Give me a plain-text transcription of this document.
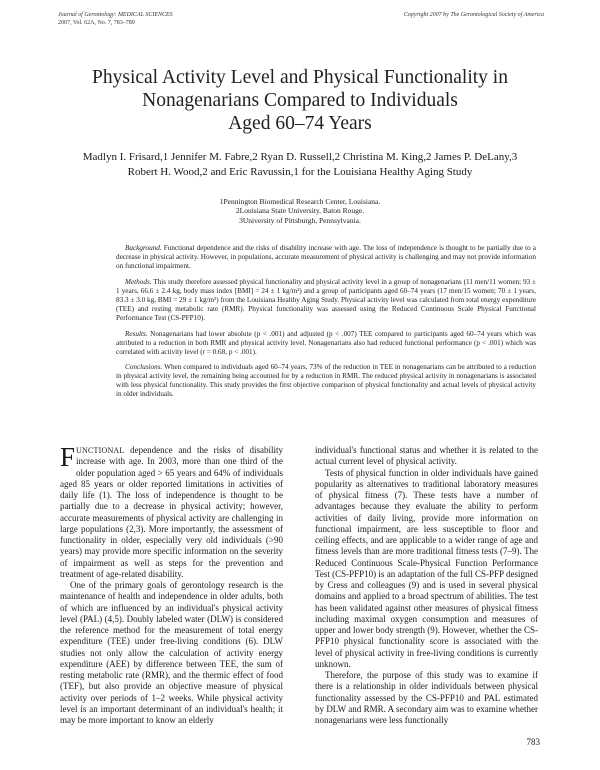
Journal of Gerontology: MEDICAL SCIENCES
2007, Vol. 62A, No. 7, 783–789
Copyright 2007 by The Gerontological Society of America
Physical Activity Level and Physical Functionality in
Nonagenarians Compared to Individuals
Aged 60–74 Years
Madlyn I. Frisard,1 Jennifer M. Fabre,2 Ryan D. Russell,2 Christina M. King,2 James P. DeLany,3
Robert H. Wood,2 and Eric Ravussin,1 for the Louisiana Healthy Aging Study
1Pennington Biomedical Research Center, Louisiana.
2Louisiana State University, Baton Rouge.
3University of Pittsburgh, Pennsylvania.

Background. Functional dependence and the risks of disability increase with age. The loss of independence is thought to be partially due to a decrease in physical activity. However, in populations, accurate measurement of physical activity is challenging and may not provide information on functional impairment.

Methods. This study therefore assessed physical functionality and physical activity level in a group of nonagenarians (11 men/11 women; 93 ± 1 years, 66.6 ± 2.4 kg, body mass index [BMI] = 24 ± 1 kg/m²) and a group of participants aged 60–74 years (17 men/15 women; 70 ± 1 years, 83.3 ± 3.0 kg, BMI = 29 ± 1 kg/m²) from the Louisiana Healthy Aging Study. Physical activity level was calculated from total energy expenditure (TEE) and resting metabolic rate (RMR). Physical functionality was assessed using the Reduced Continuous Scale Physical Functional Performance Test (CS-PFP10).

Results. Nonagenarians had lower absolute (p < .001) and adjusted (p < .007) TEE compared to participants aged 60–74 years which was attributed to a reduction in both RMR and physical activity level. Nonagenarians also had reduced functional performance (p < .001) which was correlated with activity level (r = 0.68, p < .001).

Conclusions. When compared to individuals aged 60–74 years, 73% of the reduction in TEE in nonagenarians can be attributed to a reduction in physical activity level, the remaining being accounted for by a reduction in RMR. The reduced physical activity in nonagenarians is associated with less physical functionality. This study provides the first objective comparison of physical functionality and actual levels of physical activity in older individuals.

FUNCTIONAL dependence and the risks of disability increase with age. In 2003, more than one third of the older population aged > 65 years and 64% of individuals aged 85 years or older reported limitations in activities of daily life (1). The loss of independence is thought to be partially due to a decrease in physical activity; however, accurate measurements of physical activity are challenging in large populations (2,3). More importantly, the assessment of functionality in older, especially very old individuals (>90 years) may provide more specific information on the severity of impairment as well as steps for the prevention and treatment of age-related disability.

One of the primary goals of gerontology research is the maintenance of health and independence in older adults, both of which are influenced by an individual's physical activity level (PAL) (4,5). Doubly labeled water (DLW) is considered the reference method for the measurement of total energy expenditure (TEE) under free-living conditions (6). DLW studies not only allow the calculation of activity energy expenditure (AEE) by difference between TEE, the sum of resting metabolic rate (RMR), and the thermic effect of food (TEF), but also provide an objective measure of physical activity over periods of 1–2 weeks. While physical activity level is an important determinant of an individual's health; it may be more important to know an elderly

individual's functional status and whether it is related to the actual current level of physical activity.

Tests of physical function in older individuals have gained popularity as alternatives to traditional laboratory measures of physical fitness (7). These tests have a number of advantages because they evaluate the ability to perform activities of daily living, provide more information on functional impairment, are less susceptible to floor and ceiling effects, and are applicable to a wider range of age and fitness levels than are more traditional fitness tests (7–9). The Reduced Continuous Scale-Physical Function Performance Test (CS-PFP10) is an adaptation of the full CS-PFP designed by Cress and colleagues (9) and is used in several physical domains and applied to a broad spectrum of abilities. The test has been validated against other measures of physical fitness including maximal oxygen consumption and measures of upper and lower body strength (9). However, whether the CS-PFP10 physical functionality score is associated with the level of physical activity in free-living conditions is currently unknown.

Therefore, the purpose of this study was to examine if there is a relationship in older individuals between physical functionality assessed by the CS-PFP10 and PAL estimated by DLW and RMR. A secondary aim was to examine whether nonagenarians were less functionally

783
